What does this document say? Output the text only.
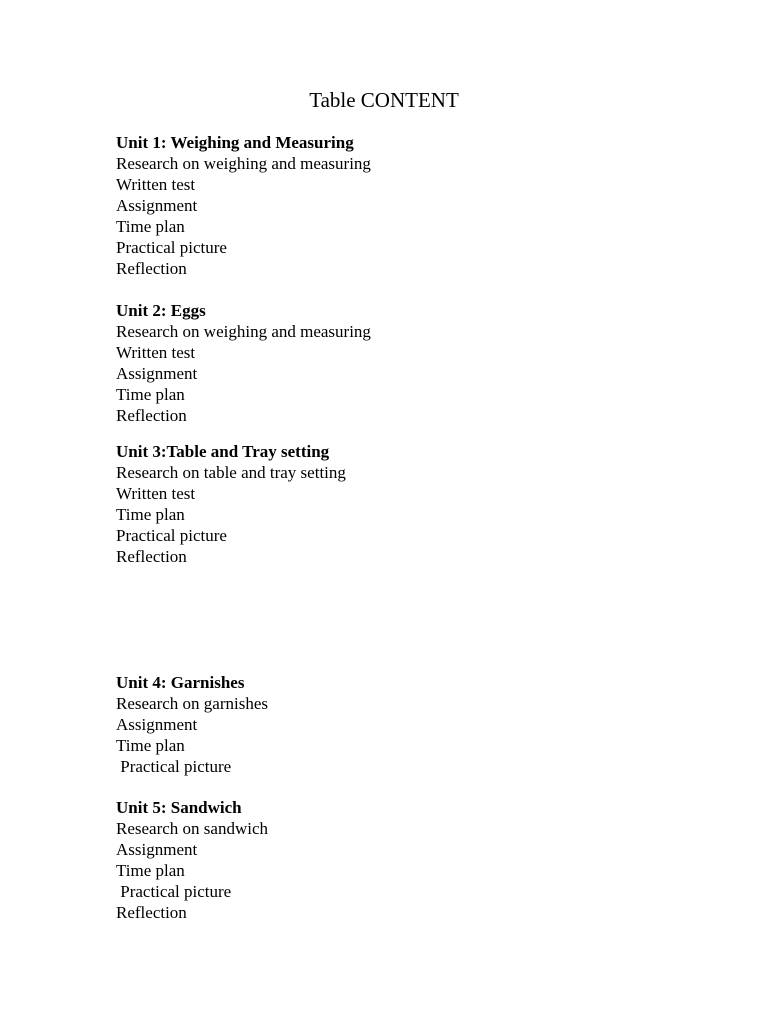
Table CONTENT
Unit 1: Weighing and Measuring
Research on weighing and measuring
Written test
Assignment
Time plan
Practical picture
Reflection
Unit 2: Eggs
Research on weighing and measuring
Written test
Assignment
Time plan
Reflection
Unit 3:Table and Tray setting
Research on table and tray setting
Written test
Time plan
Practical picture
Reflection
Unit 4: Garnishes
Research on garnishes
Assignment
Time plan
Practical picture
Unit 5: Sandwich
Research on sandwich
Assignment
Time plan
Practical picture
Reflection
